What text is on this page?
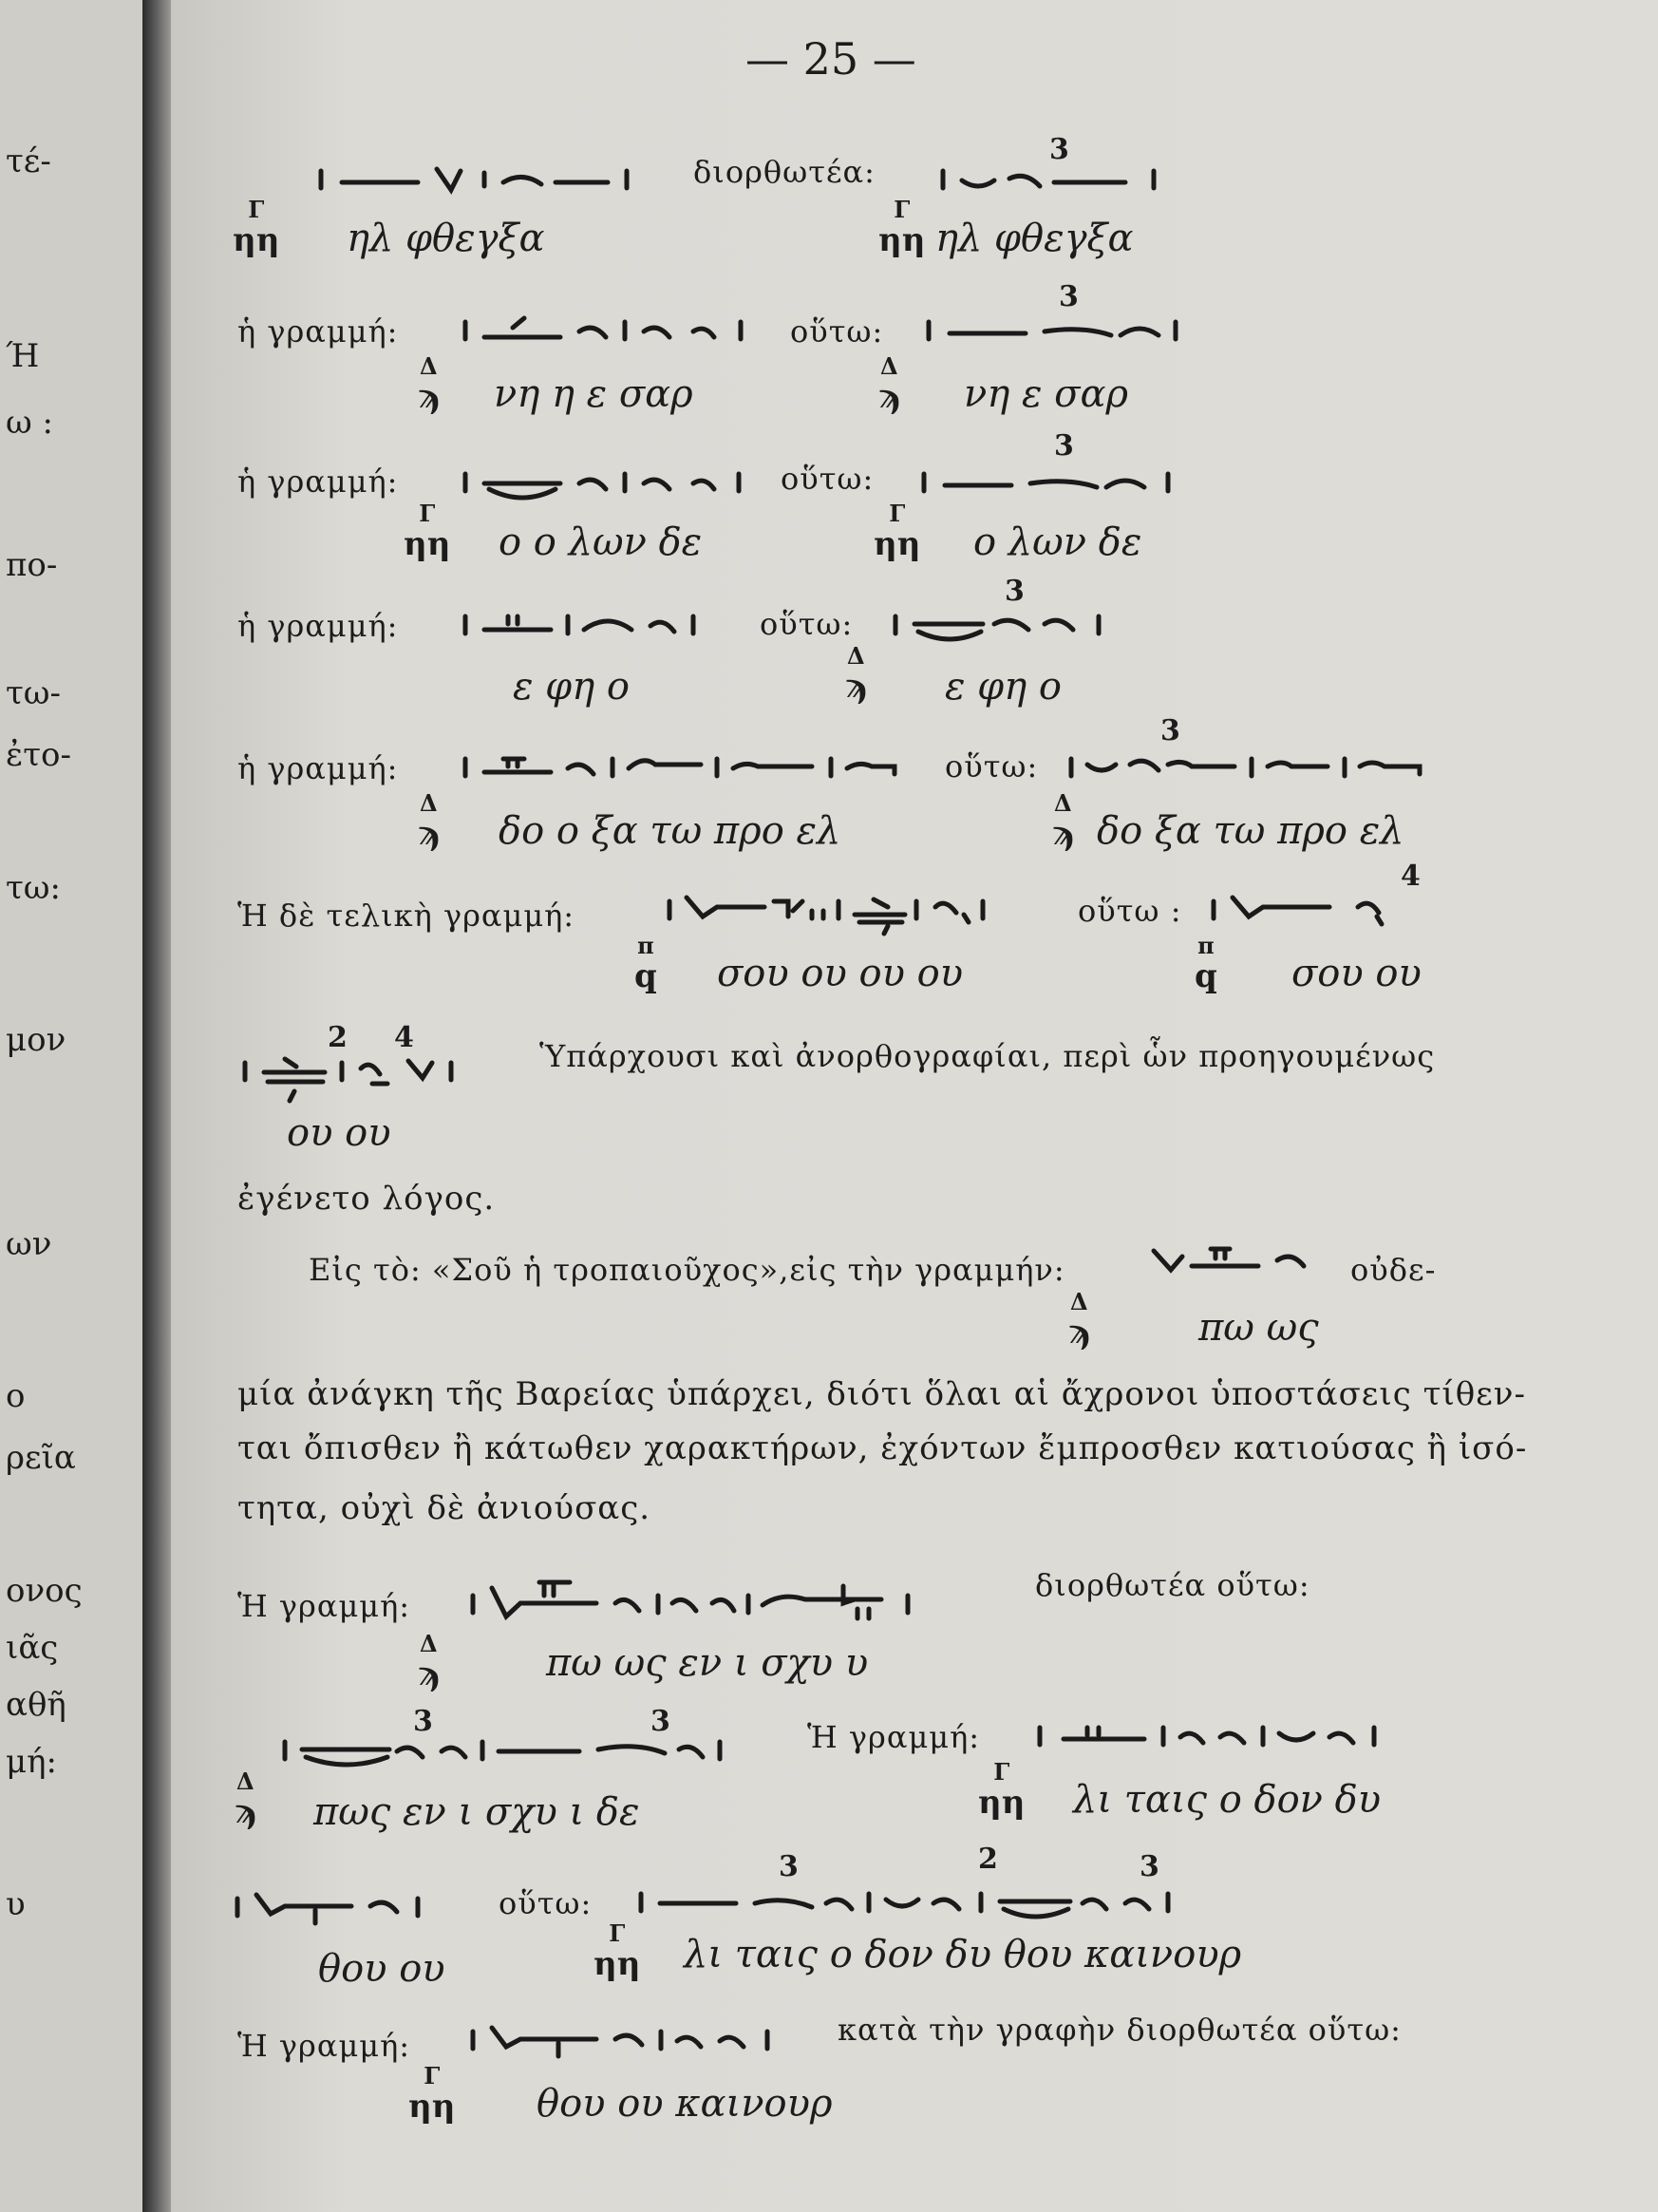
τέ-
Ή
ω :
πο-
τω-
ἐτο-
τω:
μον
ων
ο
ρεῖα
ονος
ιᾶς
αθῆ
μή:
υ
— 25 —
διορθωτέα:
3
Γ
ηη
Γ
ηη
ηλ φθεγξα	ηλ φθεγξα
ἡ γραμμή:	οὕτω:
3
Δ
ϡ
Δ
ϡ
νη η ε σαρ	νη ε σαρ
ἡ γραμμή:	οὕτω:
3
Γ
ηη
Γ
ηη
ο ο λων δε	ο λων δε
ἡ γραμμή:	οὕτω:
3
Δ
ϡ
ε φη ο	ε φη ο
ἡ γραμμή:	οὕτω:
3
Δ
ϡ
Δ
ϡ
δο ο ξα τω προ ελ	δο ξα τω προ ελ
Ἡ δὲ τελικὴ γραμμή:	οὕτω :
4
π
q
π
q
σου ου ου ου	σου ου
2 4
Ὑπάρχουσι καὶ ἀνορθογραφίαι, περὶ ὧν προηγουμένως
ου ου
ἐγένετο λόγος.
Εἰς τὸ: «Σοῦ ἡ τροπαιοῦχος»,εἰς τὴν γραμμήν:	οὐδε-
Δ
ϡ	πω ως
μία ἀνάγκη τῆς Βαρείας ὑπάρχει, διότι ὅλαι αἱ ἄχρονοι ὑποστάσεις τίθεν-
ται ὄπισθεν ἢ κάτωθεν χαρακτήρων, ἐχόντων ἔμπροσθεν κατιούσας ἢ ἰσό-
τητα, οὐχὶ δὲ ἀνιούσας.
Ἡ γραμμή:
διορθωτέα οὕτω:
Δ
ϡ	πω ως εν ι σχυ υ
3	3
Δ
ϡ πως εν ι σχυ ι δε
Ἡ γραμμή:
Γ
ηη λι ταις ο δον δυ
οὕτω:
3	2	3
Γ
ηη
θου ου	λι ταις ο δον δυ θου καινουρ
Ἡ γραμμή:	κατὰ τὴν γραφὴν διορθωτέα οὕτω:
Γ
ηη θου ου καινουρ
